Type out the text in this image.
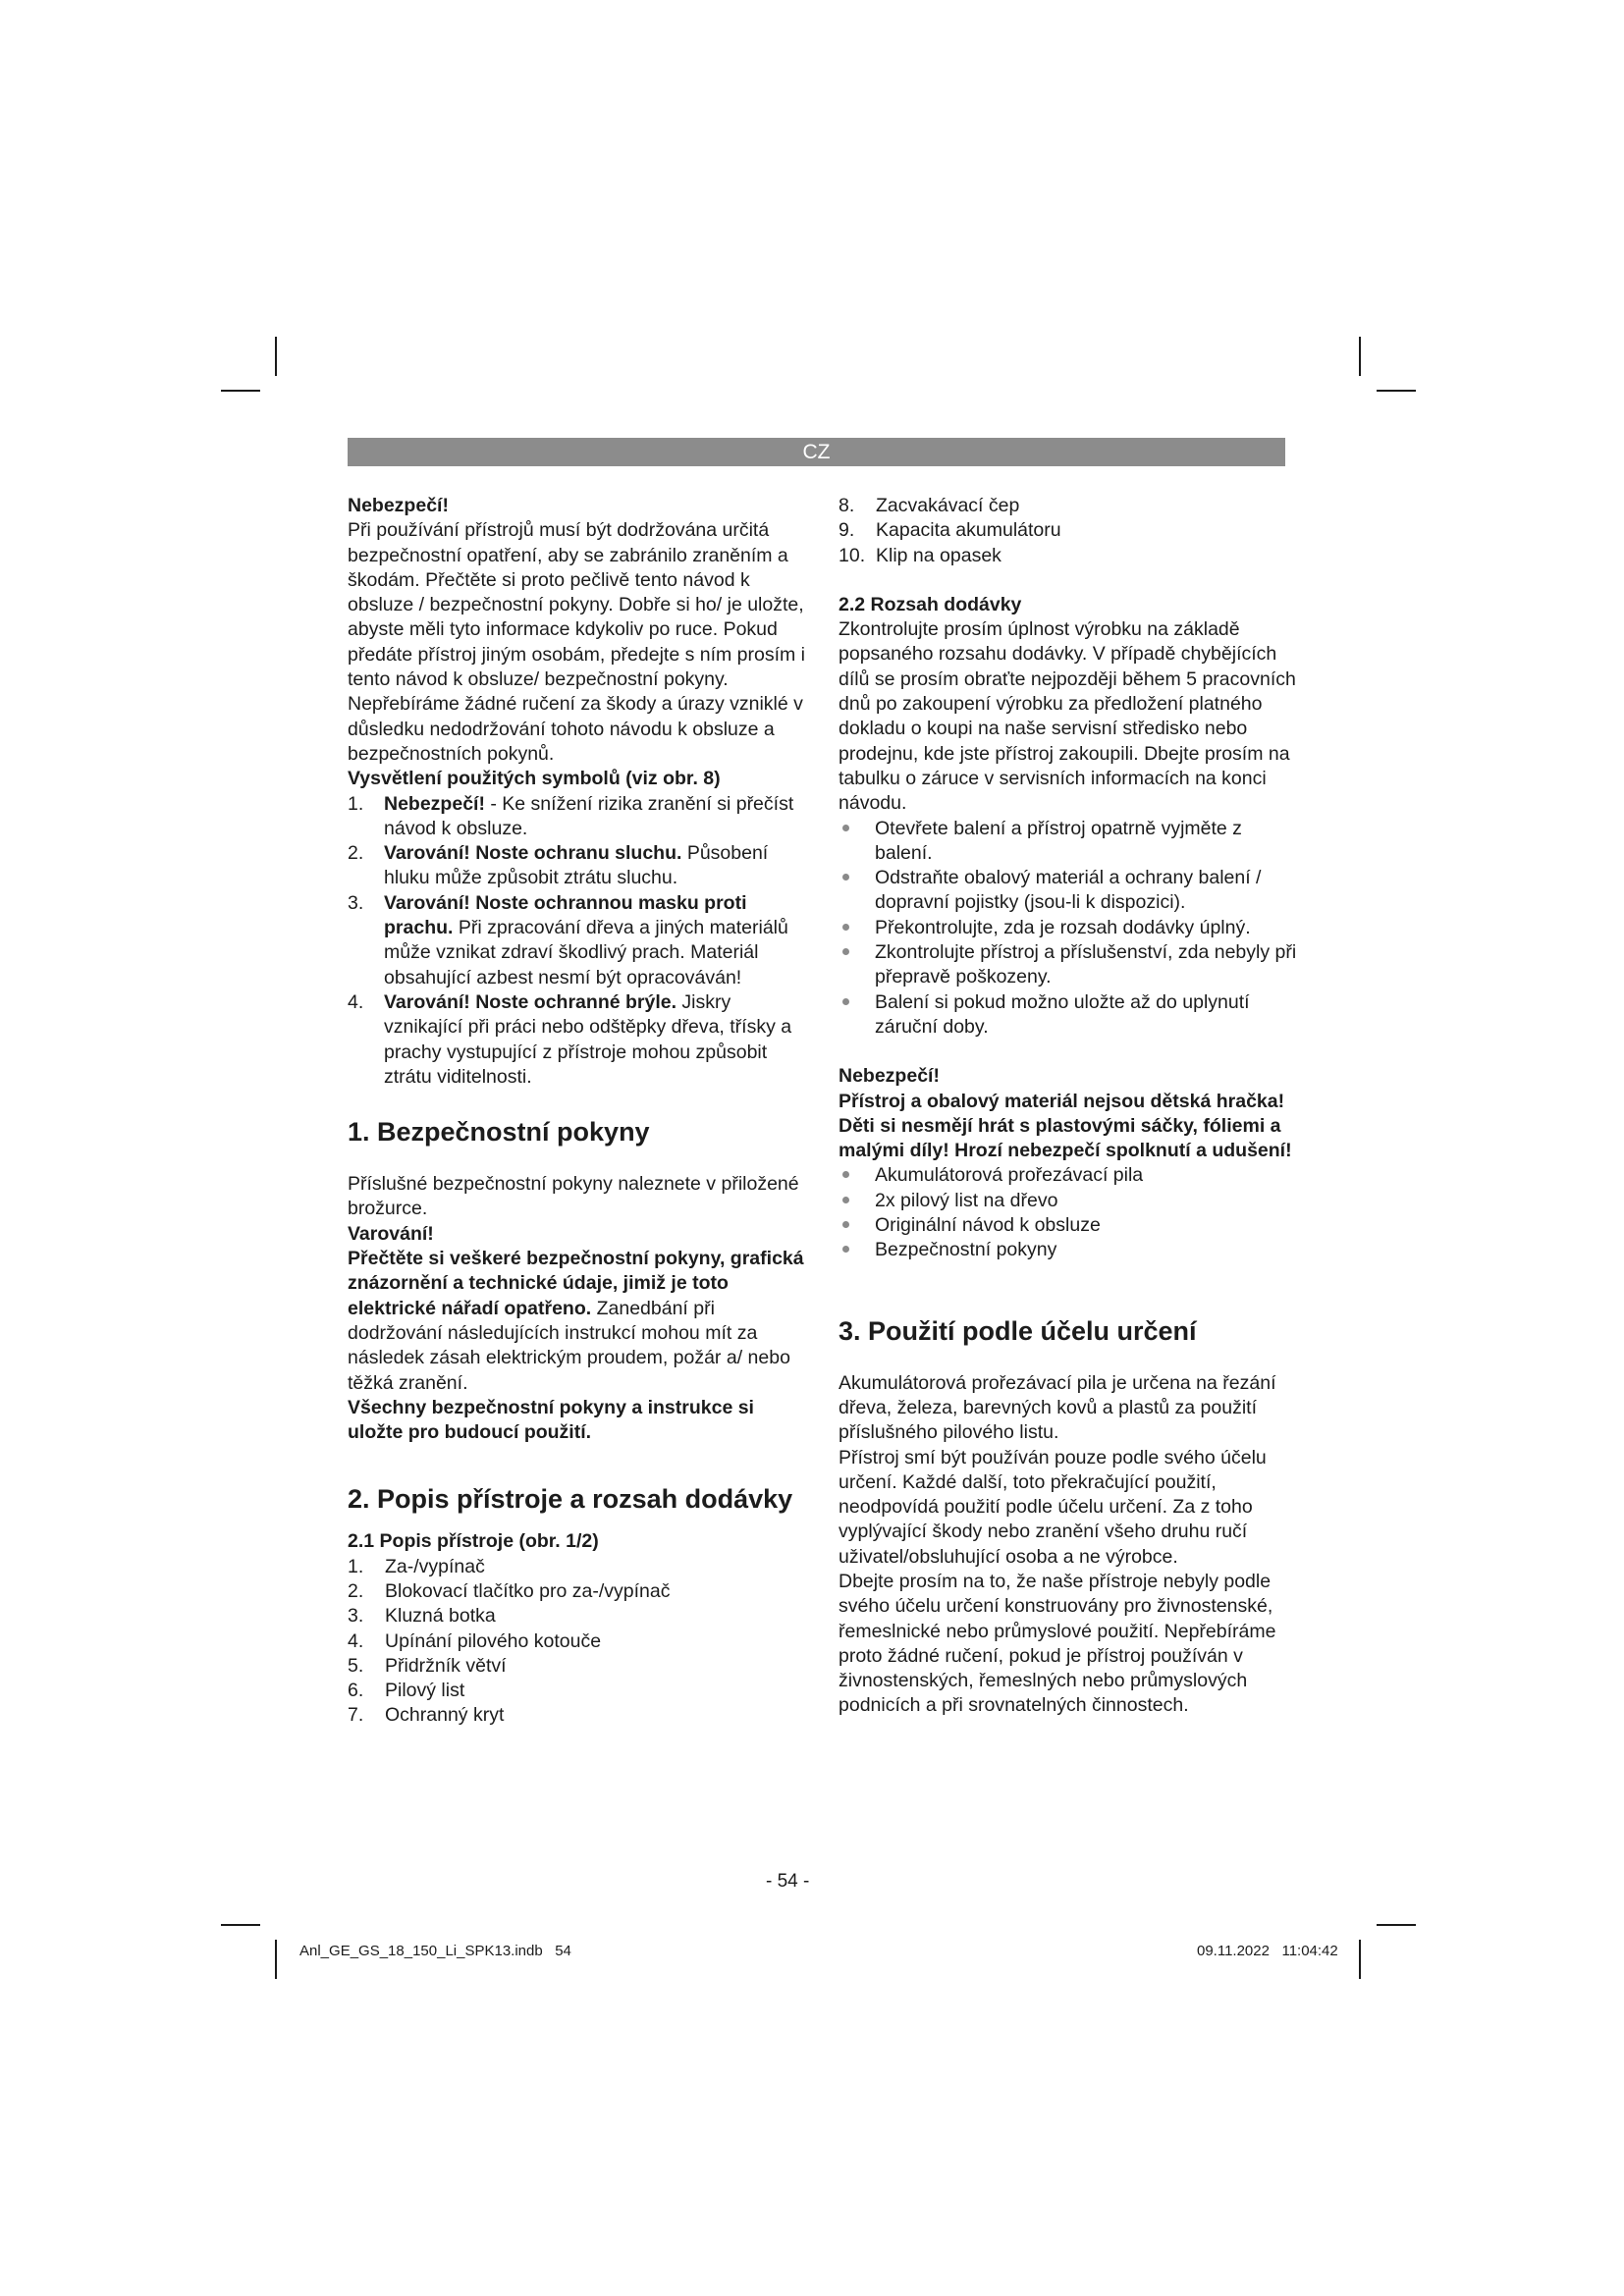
CZ

Nebezpečí!

Při používání přístrojů musí být dodržována určitá bezpečnostní opatření, aby se zabránilo zraněním a škodám. Přečtěte si proto pečlivě tento návod k obsluze / bezpečnostní pokyny. Dobře si ho/ je uložte, abyste měli tyto informace kdykoliv po ruce. Pokud předáte přístroj jiným osobám, předejte s ním prosím i tento návod k obsluze/ bezpečnostní pokyny. Nepřebíráme žádné ručení za škody a úrazy vzniklé v důsledku nedodržování tohoto návodu k obsluze a bezpečnostních pokynů.

Vysvětlení použitých symbolů (viz obr. 8)

1. Nebezpečí! - Ke snížení rizika zranění si přečíst návod k obsluze.

2. Varování! Noste ochranu sluchu. Působení hluku může způsobit ztrátu sluchu.

3. Varování! Noste ochrannou masku proti prachu. Při zpracování dřeva a jiných materiálů může vznikat zdraví škodlivý prach. Materiál obsahující azbest nesmí být opracováván!

4. Varování! Noste ochranné brýle. Jiskry vznikající při práci nebo odštěpky dřeva, třísky a prachy vystupující z přístroje mohou způsobit ztrátu viditelnosti.

1. Bezpečnostní pokyny

Příslušné bezpečnostní pokyny naleznete v přiložené brožurce.

Varování!

Přečtěte si veškeré bezpečnostní pokyny, grafická znázornění a technické údaje, jimiž je toto elektrické nářadí opatřeno. Zanedbání při dodržování následujících instrukcí mohou mít za následek zásah elektrickým proudem, požár a/ nebo těžká zranění.

Všechny bezpečnostní pokyny a instrukce si uložte pro budoucí použití.

2. Popis přístroje a rozsah dodávky

2.1 Popis přístroje (obr. 1/2)

1.	Za-/vypínač
2.	Blokovací tlačítko pro za-/vypínač
3.	Kluzná botka
4.	Upínání pilového kotouče
5.	Přidržník větví
6.	Pilový list
7.	Ochranný kryt
8.	Zacvakávací čep
9.	Kapacita akumulátoru
10. Klip na opasek

2.2 Rozsah dodávky

Zkontrolujte prosím úplnost výrobku na základě popsaného rozsahu dodávky. V případě chybějících dílů se prosím obraťte nejpozději během 5 pracovních dnů po zakoupení výrobku za předložení platného dokladu o koupi na naše servisní středisko nebo prodejnu, kde jste přístroj zakoupili. Dbejte prosím na tabulku o záruce v servisních informacích na konci návodu.

Otevřete balení a přístroj opatrně vyjměte z balení.

Odstraňte obalový materiál a ochrany balení / dopravní pojistky (jsou-li k dispozici).

Překontrolujte, zda je rozsah dodávky úplný.

Zkontrolujte přístroj a příslušenství, zda nebyly při přepravě poškozeny.

Balení si pokud možno uložte až do uplynutí záruční doby.

Nebezpečí!

Přístroj a obalový materiál nejsou dětská hračka! Děti si nesmějí hrát s plastovými sáčky, fóliemi a malými díly! Hrozí nebezpečí spolknutí a udušení!

Akumulátorová prořezávací pila

2x pilový list na dřevo

Originální návod k obsluze

Bezpečnostní pokyny

3. Použití podle účelu určení

Akumulátorová prořezávací pila je určena na řezání dřeva, železa, barevných kovů a plastů za použití příslušného pilového listu.

Přístroj smí být používán pouze podle svého účelu určení. Každé další, toto překračující použití, neodpovídá použití podle účelu určení. Za z toho vyplývající škody nebo zranění všeho druhu ručí uživatel/obsluhující osoba a ne výrobce.

Dbejte prosím na to, že naše přístroje nebyly podle svého účelu určení konstruovány pro živnostenské, řemeslnické nebo průmyslové použití. Nepřebíráme proto žádné ručení, pokud je přístroj používán v živnostenských, řemeslných nebo průmyslových podnicích a při srovnatelných činnostech.

- 54 -
Anl_GE_GS_18_150_Li_SPK13.indb   54	09.11.2022   11:04:42
